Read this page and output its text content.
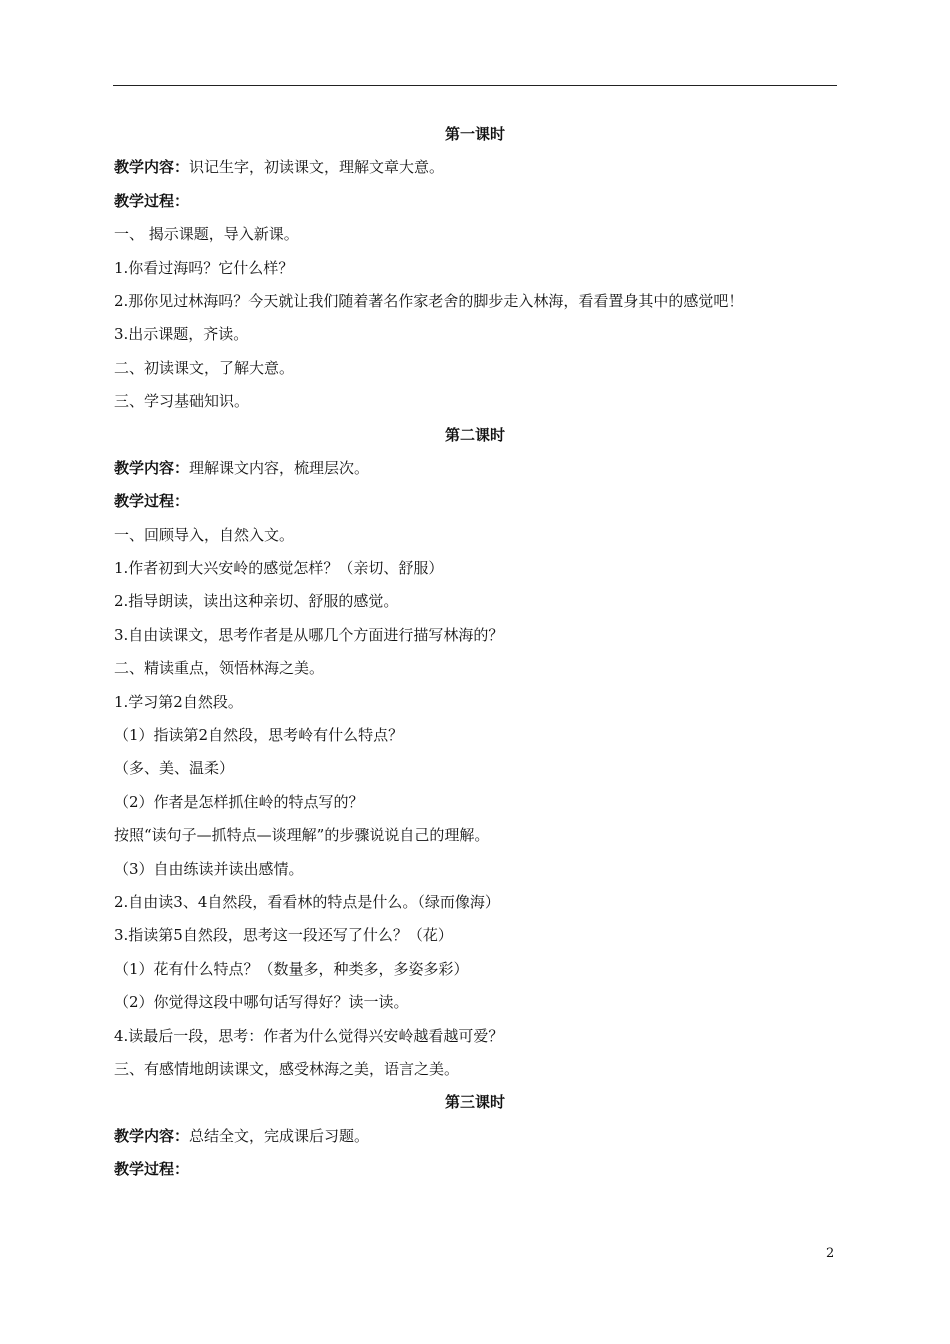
第一课时
教学内容：识记生字，初读课文，理解文章大意。
教学过程：
一、 揭示课题，导入新课。
1.你看过海吗？它什么样？
2.那你见过林海吗？今天就让我们随着著名作家老舍的脚步走入林海，看看置身其中的感觉吧！
3.出示课题，齐读。
二、初读课文，了解大意。
三、学习基础知识。
第二课时
教学内容：理解课文内容，梳理层次。
教学过程：
一、回顾导入，自然入文。
1.作者初到大兴安岭的感觉怎样？（亲切、舒服）
2.指导朗读，读出这种亲切、舒服的感觉。
3.自由读课文，思考作者是从哪几个方面进行描写林海的？
二、精读重点，领悟林海之美。
1.学习第2自然段。
（1）指读第2自然段，思考岭有什么特点？
（多、美、温柔）
（2）作者是怎样抓住岭的特点写的？
按照“读句子—抓特点—谈理解”的步骤说说自己的理解。
（3）自由练读并读出感情。
2.自由读3、4自然段，看看林的特点是什么。（绿而像海）
3.指读第5自然段，思考这一段还写了什么？（花）
（1）花有什么特点？（数量多，种类多，多姿多彩）
（2）你觉得这段中哪句话写得好？读一读。
4.读最后一段，思考：作者为什么觉得兴安岭越看越可爱？
三、有感情地朗读课文，感受林海之美，语言之美。
第三课时
教学内容：总结全文，完成课后习题。
教学过程：
2
